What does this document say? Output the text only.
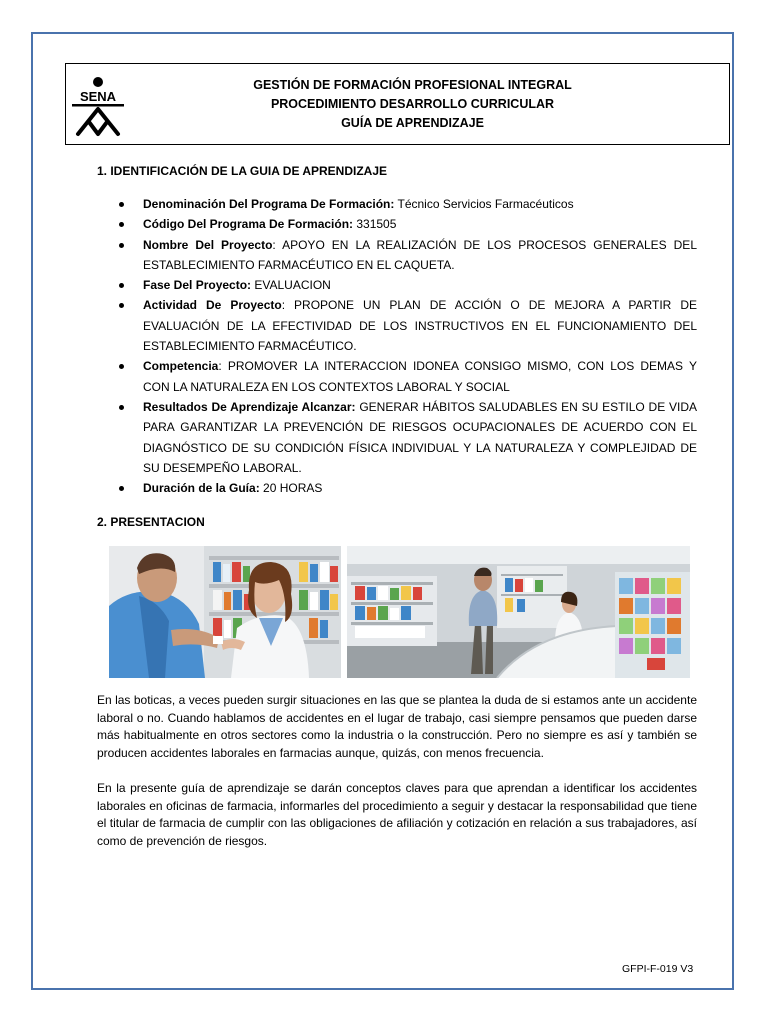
SENA
GESTIÓN DE FORMACIÓN PROFESIONAL INTEGRAL
PROCEDIMIENTO DESARROLLO CURRICULAR
GUÍA DE APRENDIZAJE
1. IDENTIFICACIÓN DE LA GUIA DE APRENDIZAJE
Denominación Del Programa De Formación: Técnico Servicios Farmacéuticos
Código Del Programa De Formación: 331505
Nombre Del Proyecto: APOYO EN LA REALIZACIÓN DE LOS PROCESOS GENERALES DEL ESTABLECIMIENTO FARMACÉUTICO EN EL CAQUETA.
Fase Del Proyecto: EVALUACION
Actividad De Proyecto: PROPONE UN PLAN DE ACCIÓN O DE MEJORA A PARTIR DE EVALUACIÓN DE LA EFECTIVIDAD DE LOS INSTRUCTIVOS EN EL FUNCIONAMIENTO DEL ESTABLECIMIENTO FARMACÉUTICO.
Competencia: PROMOVER LA INTERACCION IDONEA CONSIGO MISMO, CON LOS DEMAS Y CON LA NATURALEZA EN LOS CONTEXTOS LABORAL Y SOCIAL
Resultados De Aprendizaje Alcanzar: GENERAR HÁBITOS SALUDABLES EN SU ESTILO DE VIDA PARA GARANTIZAR LA PREVENCIÓN DE RIESGOS OCUPACIONALES DE ACUERDO CON EL DIAGNÓSTICO DE SU CONDICIÓN FÍSICA INDIVIDUAL Y LA NATURALEZA Y COMPLEJIDAD DE SU DESEMPEÑO LABORAL.
Duración de la Guía: 20 HORAS
2. PRESENTACION

En las boticas, a veces pueden surgir situaciones en las que se plantea la duda de si estamos ante un accidente laboral o no. Cuando hablamos de accidentes en el lugar de trabajo, casi siempre pensamos que pueden darse más habitualmente en otros sectores como la industria o la construcción. Pero no siempre es así y también se producen accidentes laborales en farmacias aunque, quizás, con menos frecuencia.

En la presente guía de aprendizaje se darán conceptos claves para que aprendan a identificar los accidentes laborales en oficinas de farmacia, informarles del procedimiento a seguir y destacar la responsabilidad que tiene el titular de farmacia de cumplir con las obligaciones de afiliación y cotización en relación a sus trabajadores, así como de prevención de riesgos.

GFPI-F-019 V3
